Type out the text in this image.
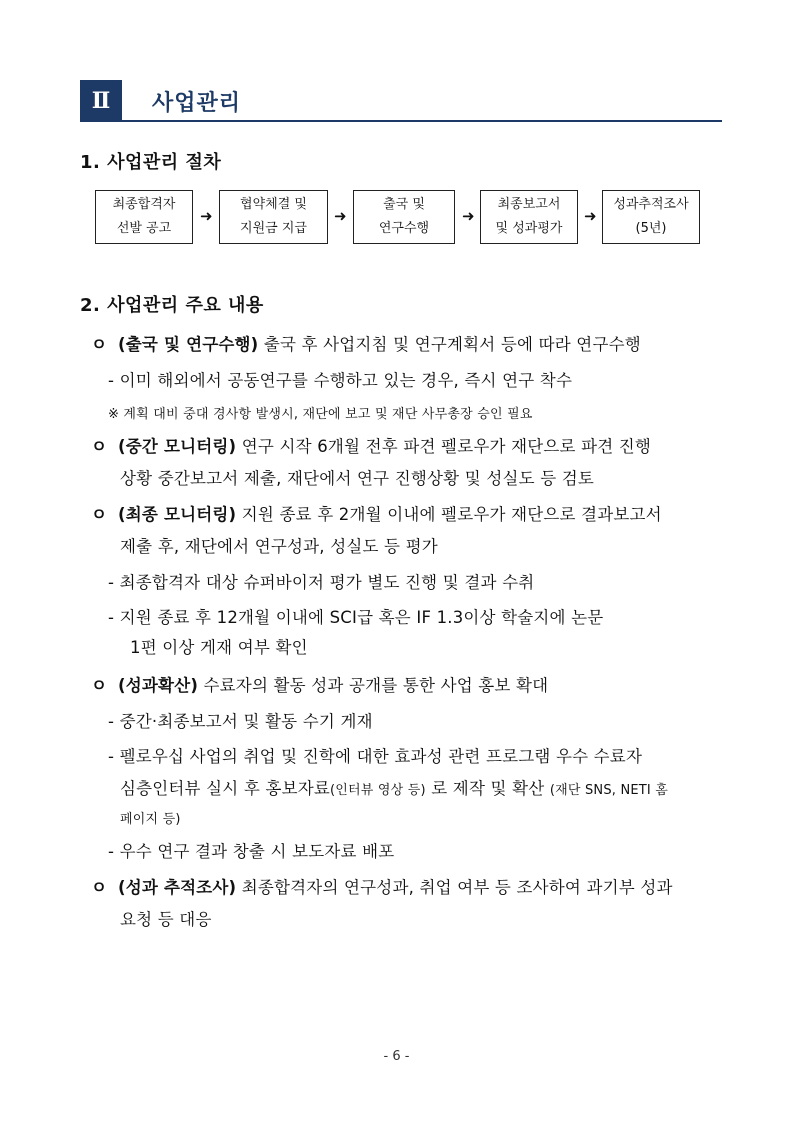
Ⅱ	사업관리
1. 사업관리 절차
최종합격자
선발 공고
➜
협약체결 및
지원금 지급
➜
출국 및
연구수행
➜
최종보고서
및 성과평가
➜
성과추적조사
(5년)
2. 사업관리 주요 내용
ㅇ (출국 및 연구수행) 출국 후 사업지침 및 연구계획서 등에 따라 연구수행
- 이미 해외에서 공동연구를 수행하고 있는 경우, 즉시 연구 착수
※ 계획 대비 중대 경사항 발생시, 재단에 보고 및 재단 사무총장 승인 필요
ㅇ (중간 모니터링) 연구 시작 6개월 전후 파견 펠로우가 재단으로 파견 진행
상황 중간보고서 제출, 재단에서 연구 진행상황 및 성실도 등 검토
ㅇ (최종 모니터링) 지원 종료 후 2개월 이내에 펠로우가 재단으로 결과보고서
제출 후, 재단에서 연구성과, 성실도 등 평가
- 최종합격자 대상 슈퍼바이저 평가 별도 진행 및 결과 수취
- 지원 종료 후 12개월 이내에 SCI급 혹은 IF 1.3이상 학술지에 논문
1편 이상 게재 여부 확인
ㅇ (성과확산) 수료자의 활동 성과 공개를 통한 사업 홍보 확대
- 중간·최종보고서 및 활동 수기 게재
- 펠로우십 사업의 취업 및 진학에 대한 효과성 관련 프로그램 우수 수료자
심층인터뷰 실시 후 홍보자료(인터뷰 영상 등) 로 제작 및 확산 (재단 SNS, NETI 홈
페이지 등)
- 우수 연구 결과 창출 시 보도자료 배포
ㅇ (성과 추적조사) 최종합격자의 연구성과, 취업 여부 등 조사하여 과기부 성과
요청 등 대응
- 6 -
